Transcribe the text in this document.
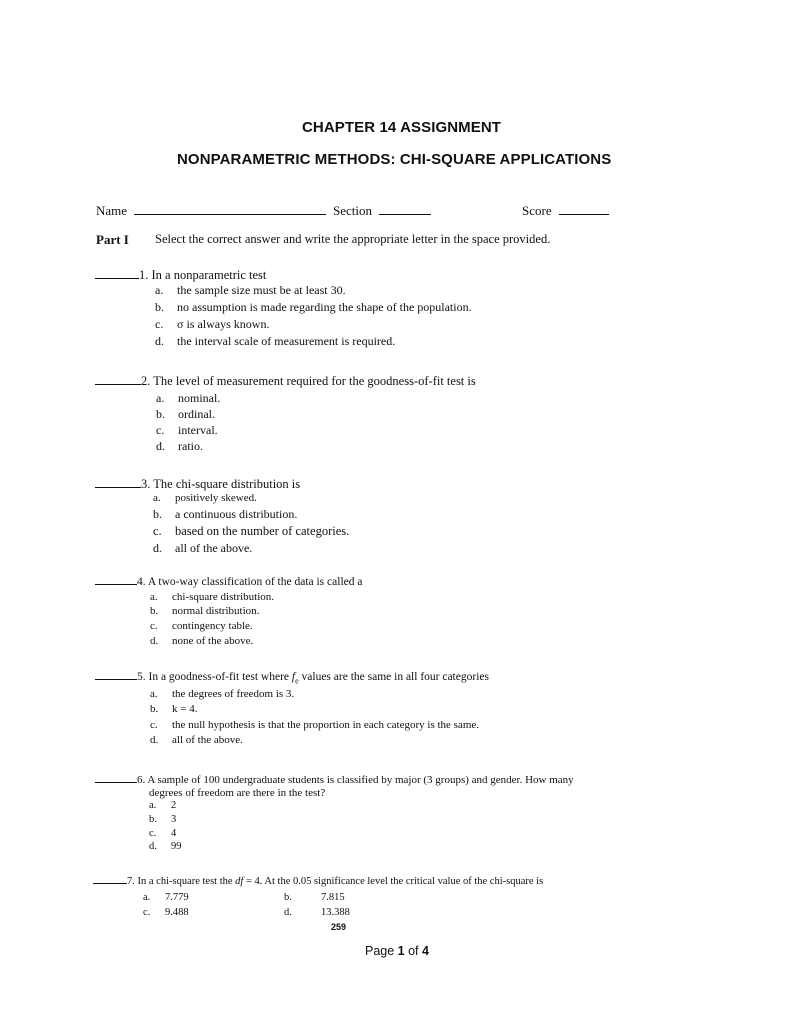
CHAPTER 14 ASSIGNMENT
NONPARAMETRIC METHODS: CHI-SQUARE APPLICATIONS
Name	Section	Score
Part I Select the correct answer and write the appropriate letter in the space provided.
1. In a nonparametric test
a. the sample size must be at least 30.
b. no assumption is made regarding the shape of the population.
c. σ is always known.
d. the interval scale of measurement is required.
2. The level of measurement required for the goodness-of-fit test is
a. nominal.
b. ordinal.
c. interval.
d. ratio.
3. The chi-square distribution is
a. positively skewed.
b. a continuous distribution.
c. based on the number of categories.
d. all of the above.
4. A two-way classification of the data is called a
a. chi-square distribution.
b. normal distribution.
c. contingency table.
d. none of the above.
5. In a goodness-of-fit test where $f_e$ values are the same in all four categories
a. the degrees of freedom is 3.
b. k = 4.
c. the null hypothesis is that the proportion in each category is the same.
d. all of the above.
6. A sample of 100 undergraduate students is classified by major (3 groups) and gender. How many
degrees of freedom are there in the test?
a. 2
b. 3
c. 4
d. 99
7. In a chi-square test the df = 4. At the 0.05 significance level the critical value of the chi-square is
a. 7.779	b.	7.815
c. 9.488	d.	13.388
259
Page 1 of 4
